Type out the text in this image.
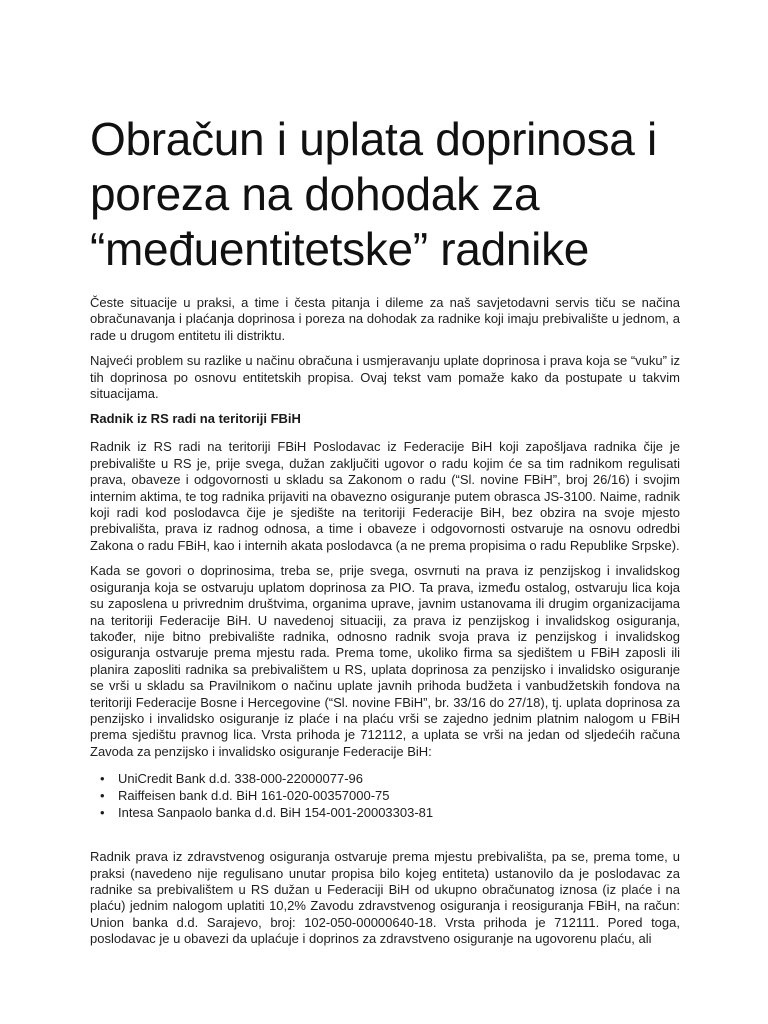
Obračun i uplata doprinosa i poreza na dohodak za “međuentitetske” radnike

Česte situacije u praksi, a time i česta pitanja i dileme za naš savjetodavni servis tiču se načina obračunavanja i plaćanja doprinosa i poreza na dohodak za radnike koji imaju prebivalište u jednom, a rade u drugom entitetu ili distriktu.

Najveći problem su razlike u načinu obračuna i usmjeravanju uplate doprinosa i prava koja se “vuku” iz tih doprinosa po osnovu entitetskih propisa. Ovaj tekst vam pomaže kako da postupate u takvim situacijama.

Radnik iz RS radi na teritoriji FBiH

Radnik iz RS radi na teritoriji FBiH Poslodavac iz Federacije BiH koji zapošljava radnika čije je prebivalište u RS je, prije svega, dužan zaključiti ugovor o radu kojim će sa tim radnikom regulisati prava, obaveze i odgovornosti u skladu sa Zakonom o radu (“Sl. novine FBiH”, broj 26/16) i svojim internim aktima, te tog radnika prijaviti na obavezno osiguranje putem obrasca JS-3100. Naime, radnik koji radi kod poslodavca čije je sjedište na teritoriji Federacije BiH, bez obzira na svoje mjesto prebivališta, prava iz radnog odnosa, a time i obaveze i odgovornosti ostvaruje na osnovu odredbi Zakona o radu FBiH, kao i internih akata poslodavca (a ne prema propisima o radu Republike Srpske).

Kada se govori o doprinosima, treba se, prije svega, osvrnuti na prava iz penzijskog i invalidskog osiguranja koja se ostvaruju uplatom doprinosa za PIO. Ta prava, između ostalog, ostvaruju lica koja su zaposlena u privrednim društvima, organima uprave, javnim ustanovama ili drugim organizacijama na teritoriji Federacije BiH. U navedenoj situaciji, za prava iz penzijskog i invalidskog osiguranja, također, nije bitno prebivalište radnika, odnosno radnik svoja prava iz penzijskog i invalidskog osiguranja ostvaruje prema mjestu rada. Prema tome, ukoliko firma sa sjedištem u FBiH zaposli ili planira zaposliti radnika sa prebivalištem u RS, uplata doprinosa za penzijsko i invalidsko osiguranje se vrši u skladu sa Pravilnikom o načinu uplate javnih prihoda budžeta i vanbudžetskih fondova na teritoriji Federacije Bosne i Hercegovine (“Sl. novine FBiH”, br. 33/16 do 27/18), tj. uplata doprinosa za penzijsko i invalidsko osiguranje iz plaće i na plaću vrši se zajedno jednim platnim nalogom u FBiH prema sjedištu pravnog lica. Vrsta prihoda je 712112, a uplata se vrši na jedan od sljedećih računa Zavoda za penzijsko i invalidsko osiguranje Federacije BiH:

• UniCredit Bank d.d. 338-000-22000077-96
• Raiffeisen bank d.d. BiH 161-020-00357000-75
• Intesa Sanpaolo banka d.d. BiH 154-001-20003303-81

Radnik prava iz zdravstvenog osiguranja ostvaruje prema mjestu prebivališta, pa se, prema tome, u praksi (navedeno nije regulisano unutar propisa bilo kojeg entiteta) ustanovilo da je poslodavac za radnike sa prebivalištem u RS dužan u Federaciji BiH od ukupno obračunatog iznosa (iz plaće i na plaću) jednim nalogom uplatiti 10,2% Zavodu zdravstvenog osiguranja i reosiguranja FBiH, na račun: Union banka d.d. Sarajevo, broj: 102-050-00000640-18. Vrsta prihoda je 712111. Pored toga, poslodavac je u obavezi da uplaćuje i doprinos za zdravstveno osiguranje na ugovorenu plaću, ali
